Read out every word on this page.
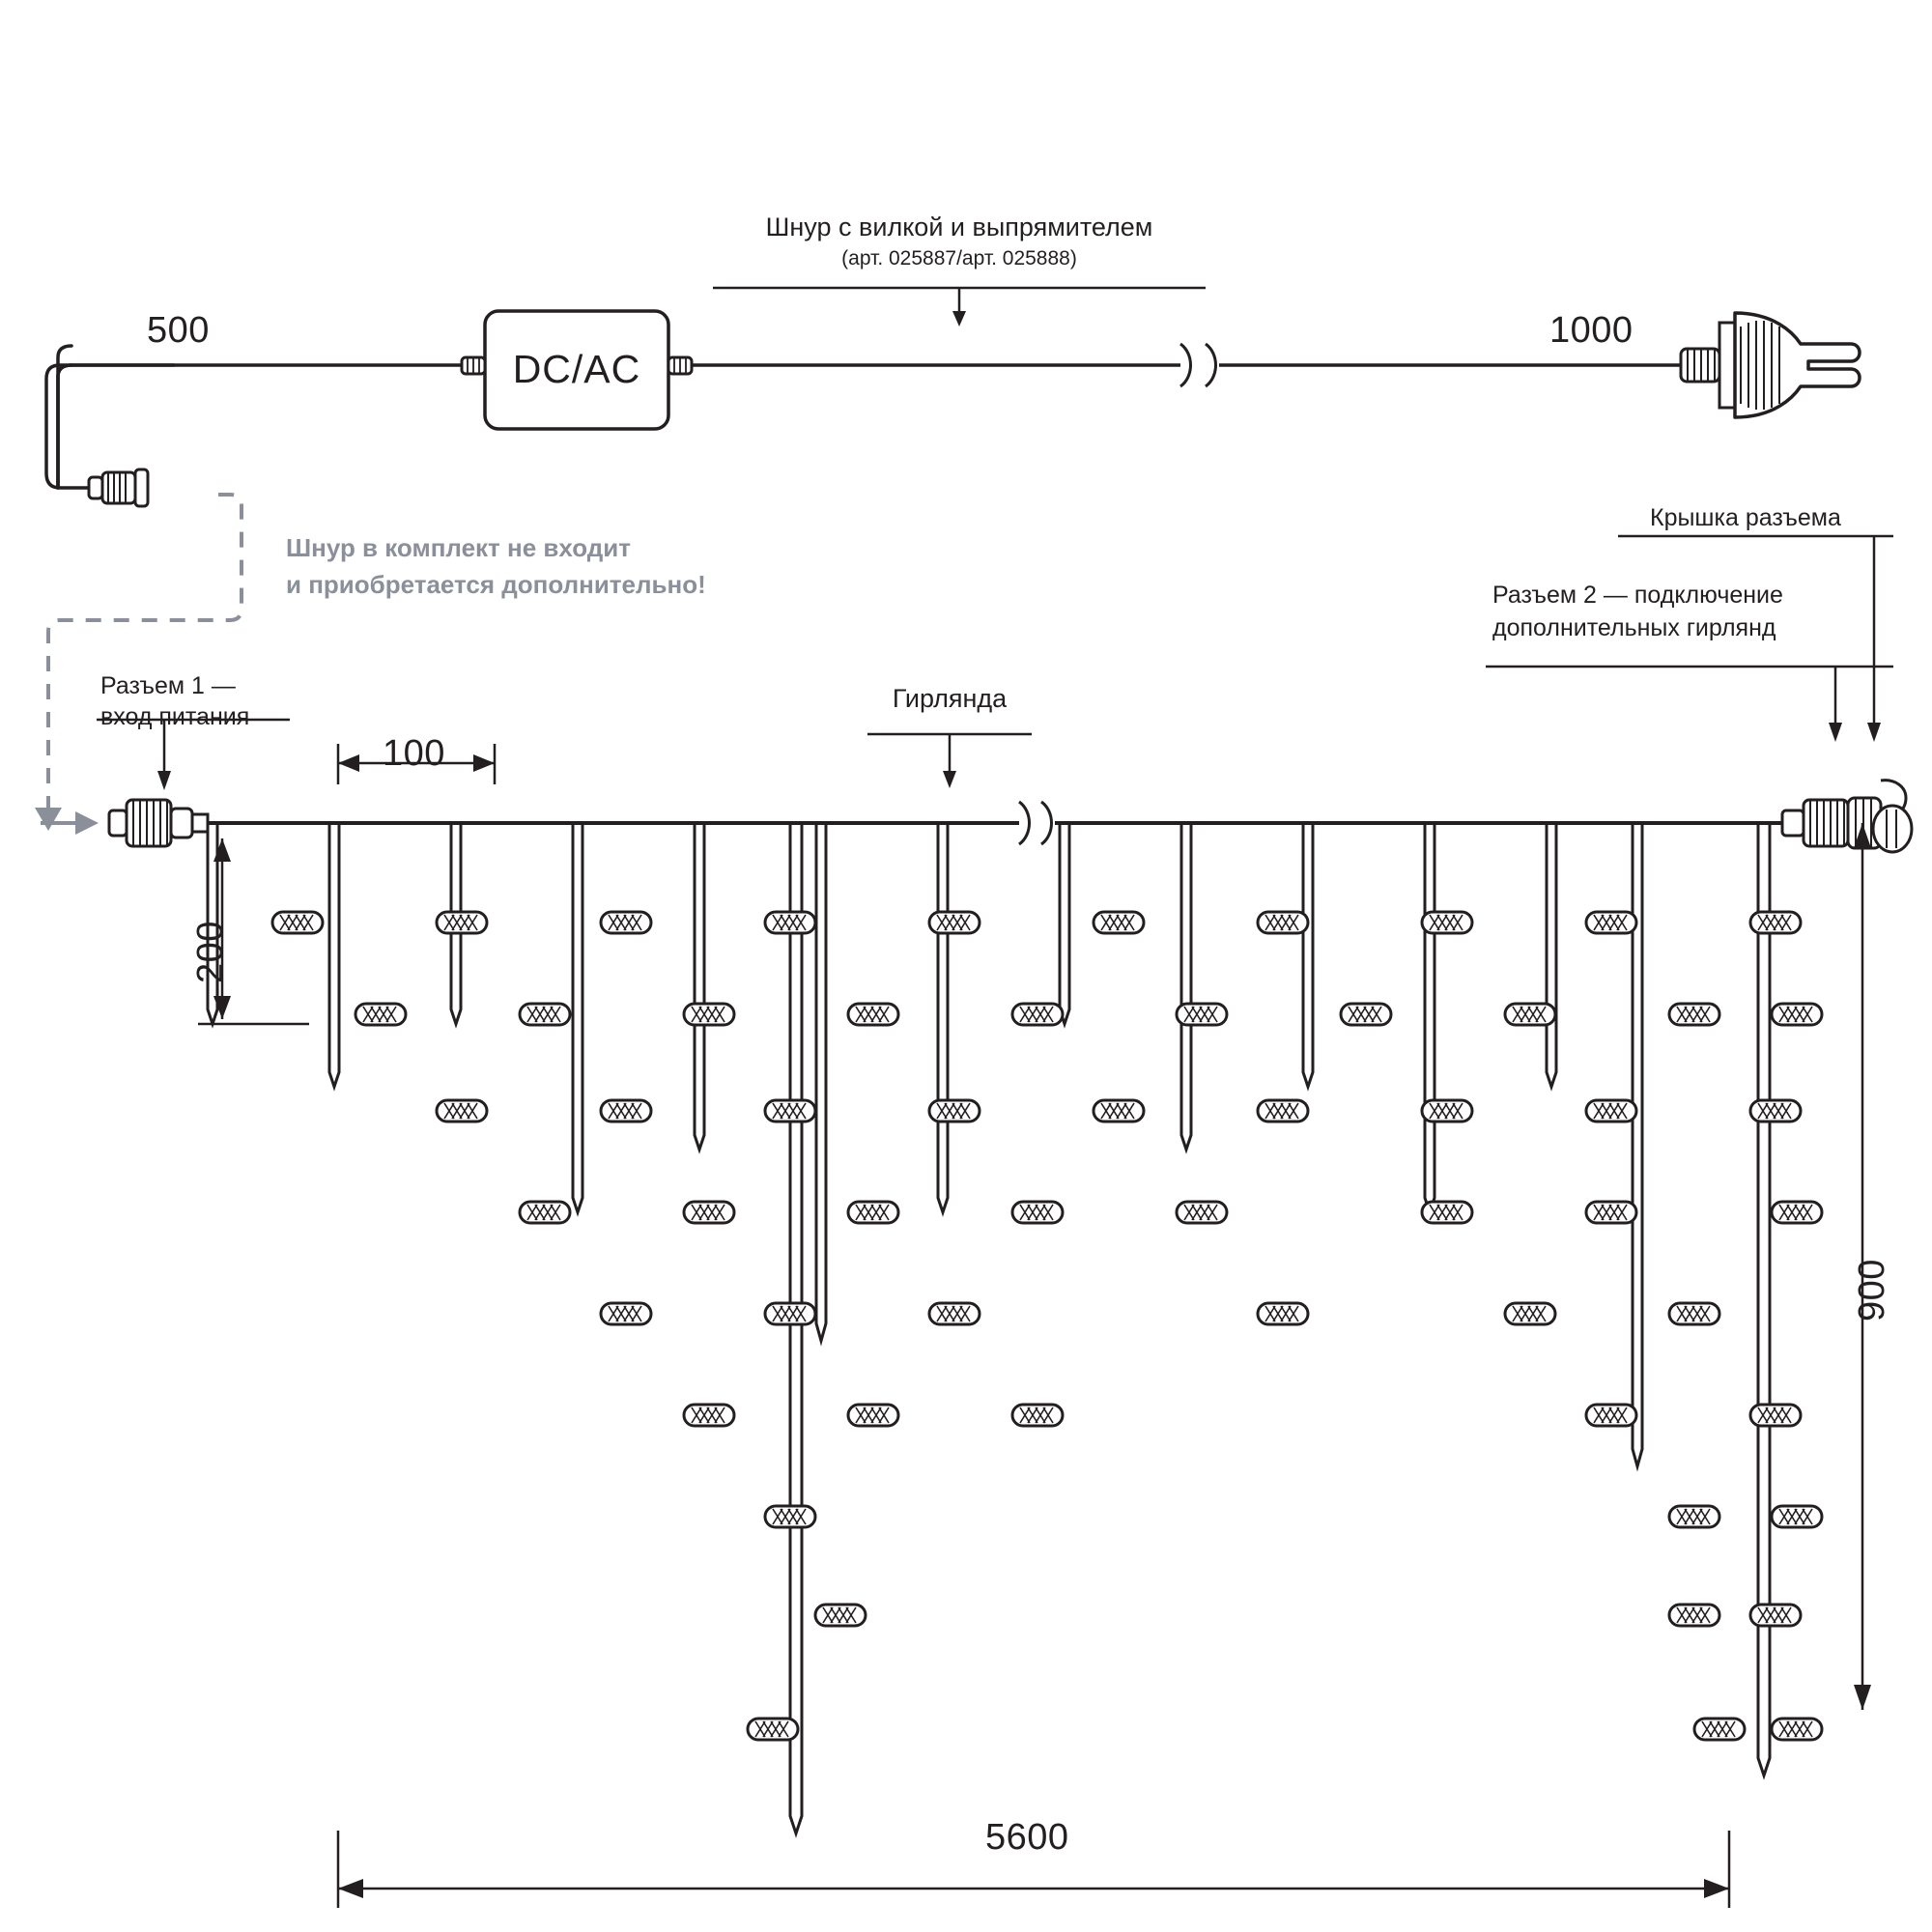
500	1000
DC/AC
Шнур с вилкой и выпрямителем
(арт. 025887/арт. 025888)
Шнур в комплект не входит
и приобретается дополнительно!
Разъем 1 —
вход питания
Гирлянда
Крышка разъема
Разъем 2 — подключение
дополнительных гирлянд
100
200
900
5600
